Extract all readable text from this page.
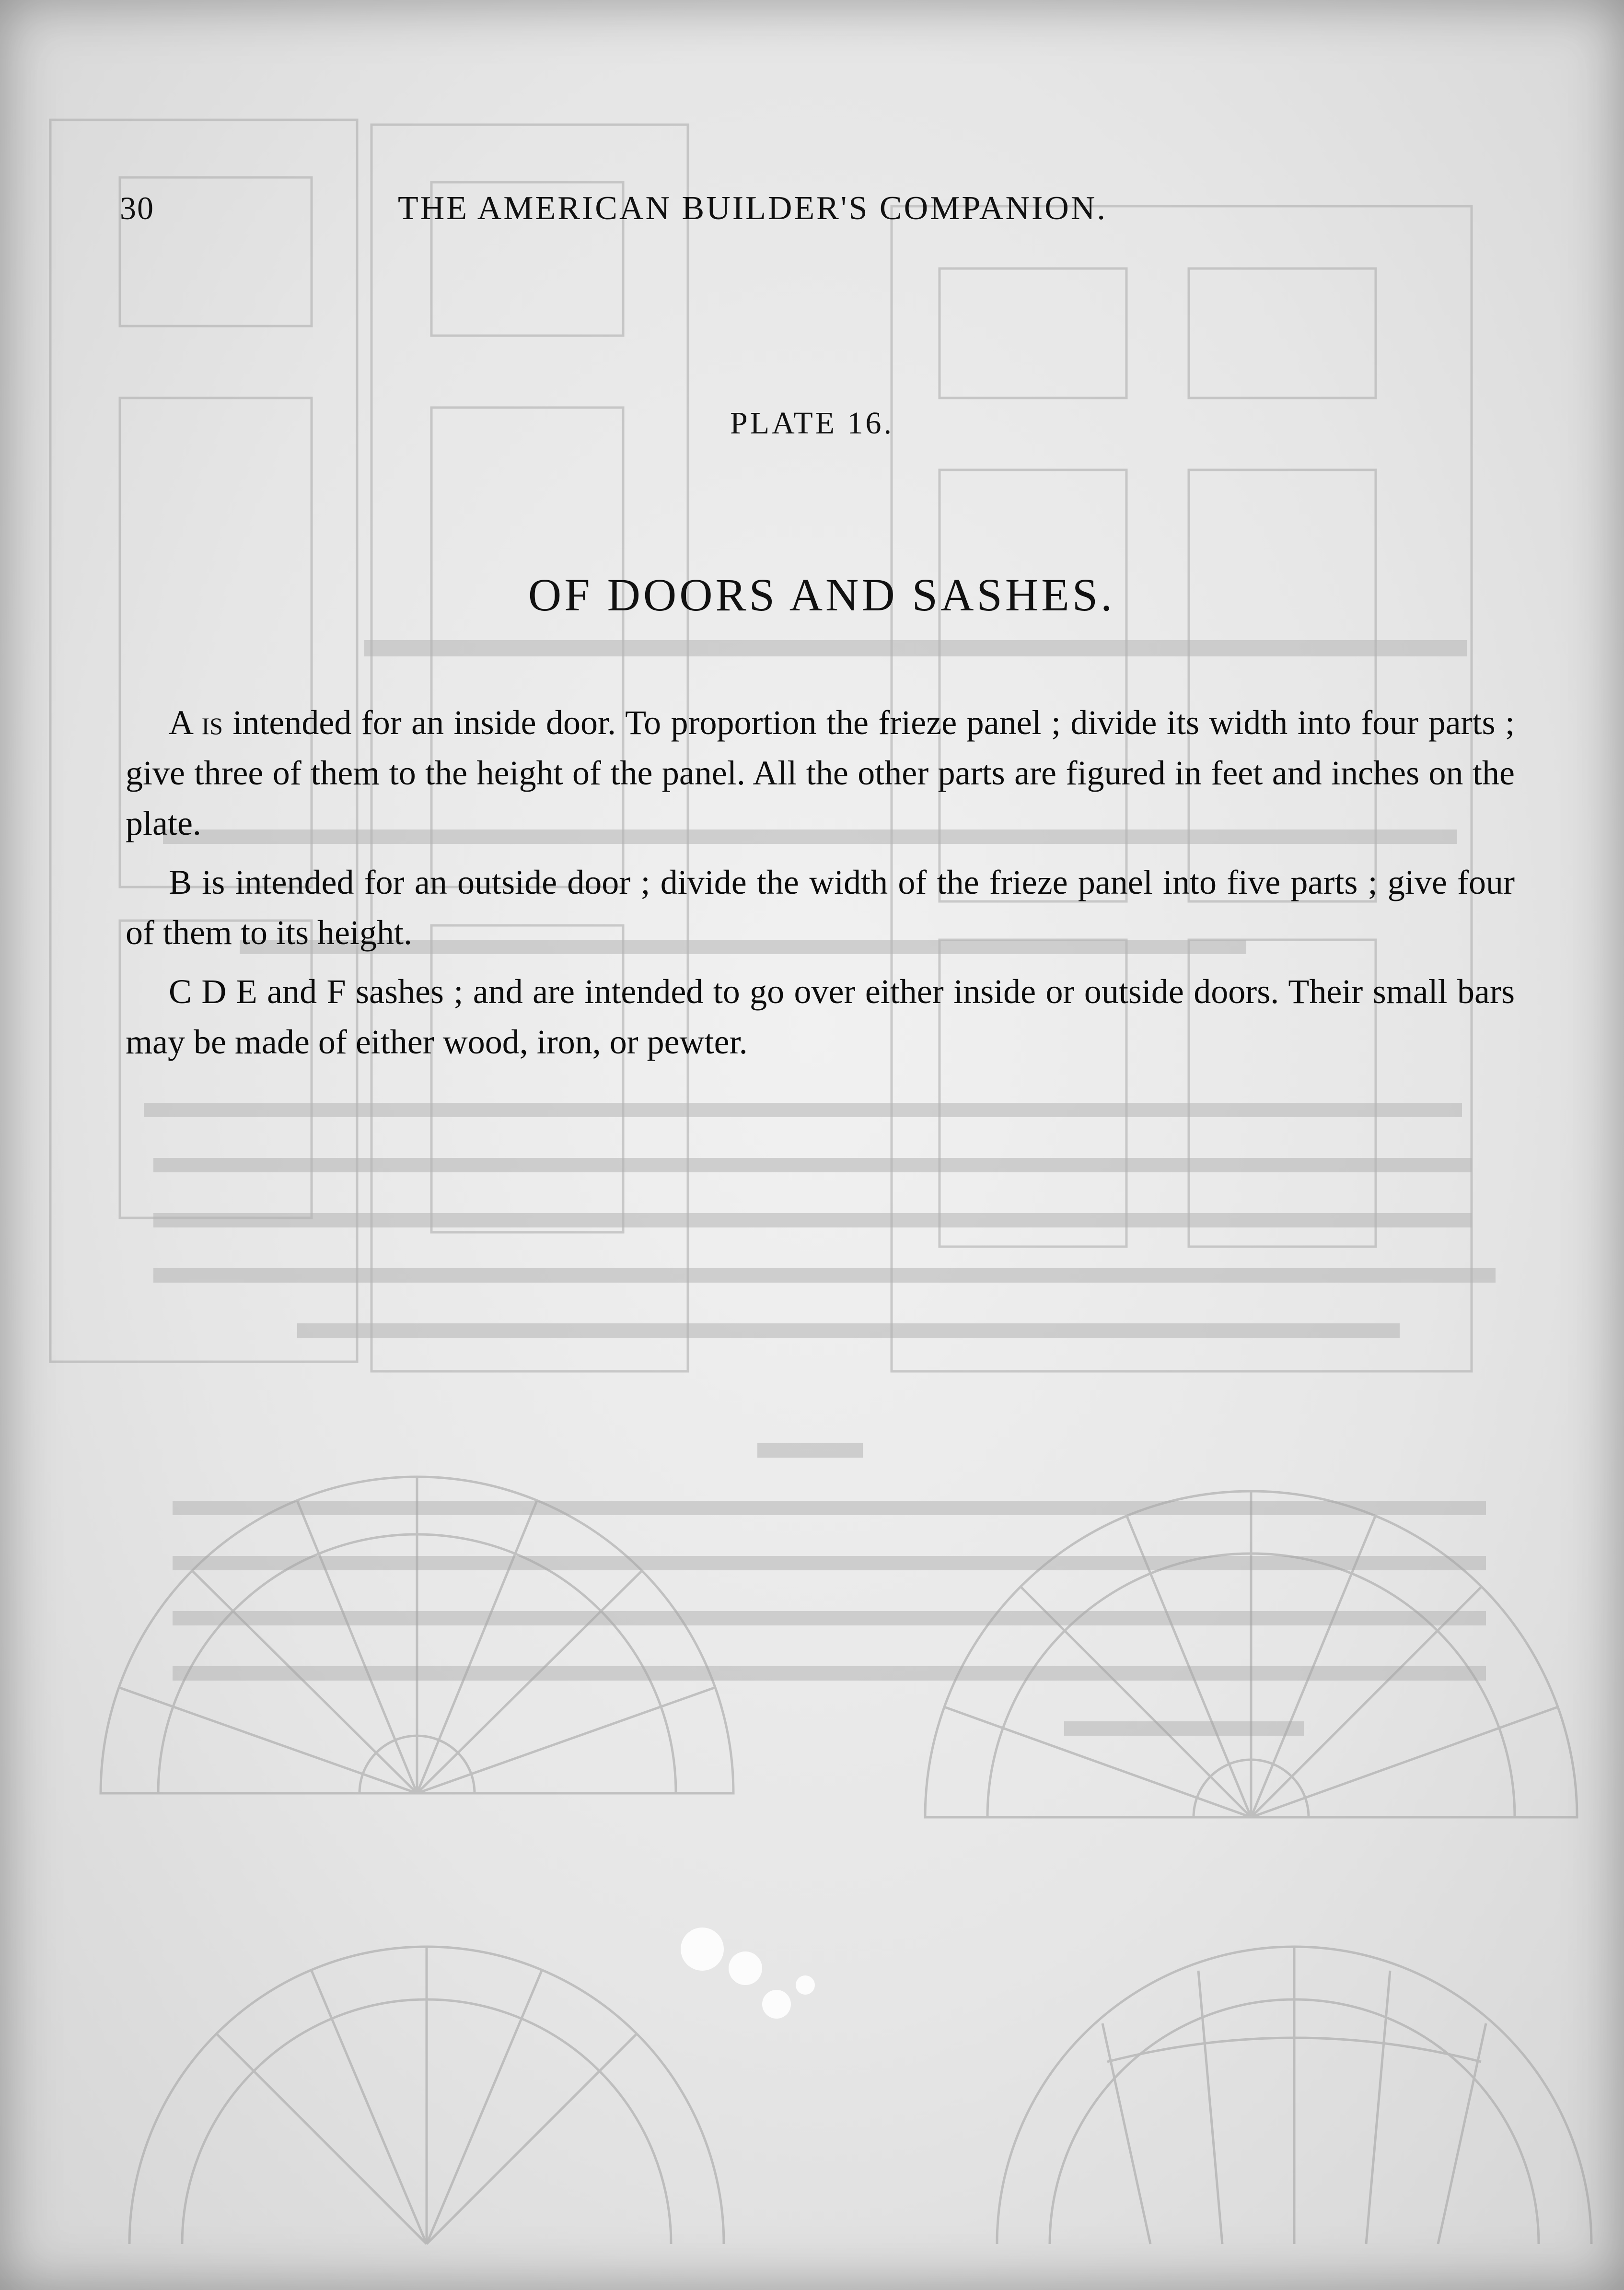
30	THE AMERICAN BUILDER'S COMPANION.
PLATE 16.
OF DOORS AND SASHES.

A is intended for an inside door. To proportion the frieze panel ; divide its width into four parts ; give three of them to the height of the panel. All the other parts are figured in feet and inches on the plate.

B is intended for an outside door ; divide the width of the frieze panel into five parts ; give four of them to its height.

C D E and F sashes ; and are intended to go over either inside or outside doors. Their small bars may be made of either wood, iron, or pewter.
